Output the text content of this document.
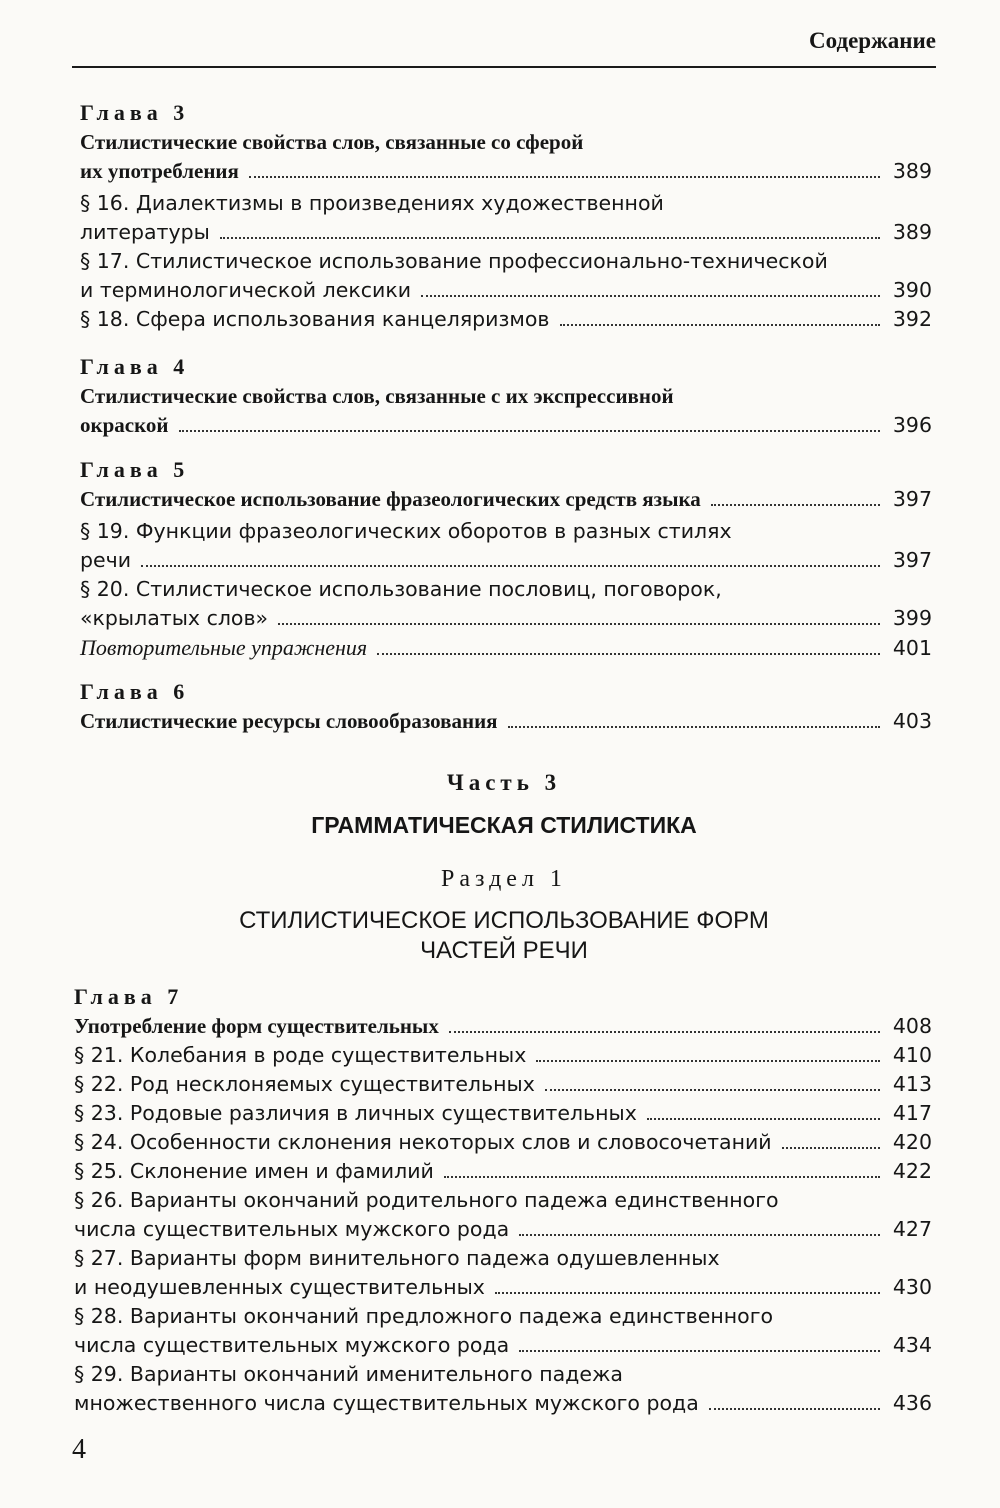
Содержание
Глава 3
Стилистические свойства слов, связанные со сферой
их употребления	389
§ 16. Диалектизмы в произведениях художественной
литературы	389
§ 17. Стилистическое использование профессионально-технической
и терминологической лексики	390
§ 18. Сфера использования канцеляризмов	392
Глава 4
Стилистические свойства слов, связанные с их экспрессивной
окраской	396
Глава 5
Стилистическое использование фразеологических средств языка	397
§ 19. Функции фразеологических оборотов в разных стилях
речи	397
§ 20. Стилистическое использование пословиц, поговорок,
«крылатых слов»	399
Повторительные упражнения	401
Глава 6
Стилистические ресурсы словообразования	403
Часть 3
ГРАММАТИЧЕСКАЯ СТИЛИСТИКА
Раздел 1
СТИЛИСТИЧЕСКОЕ ИСПОЛЬЗОВАНИЕ ФОРМ
ЧАСТЕЙ РЕЧИ
Глава 7
Употребление форм существительных	408
§ 21. Колебания в роде существительных	410
§ 22. Род несклоняемых существительных	413
§ 23. Родовые различия в личных существительных	417
§ 24. Особенности склонения некоторых слов и словосочетаний	420
§ 25. Склонение имен и фамилий	422
§ 26. Варианты окончаний родительного падежа единственного
числа существительных мужского рода	427
§ 27. Варианты форм винительного падежа одушевленных
и неодушевленных существительных	430
§ 28. Варианты окончаний предложного падежа единственного
числа существительных мужского рода	434
§ 29. Варианты окончаний именительного падежа
множественного числа существительных мужского рода	436
4
